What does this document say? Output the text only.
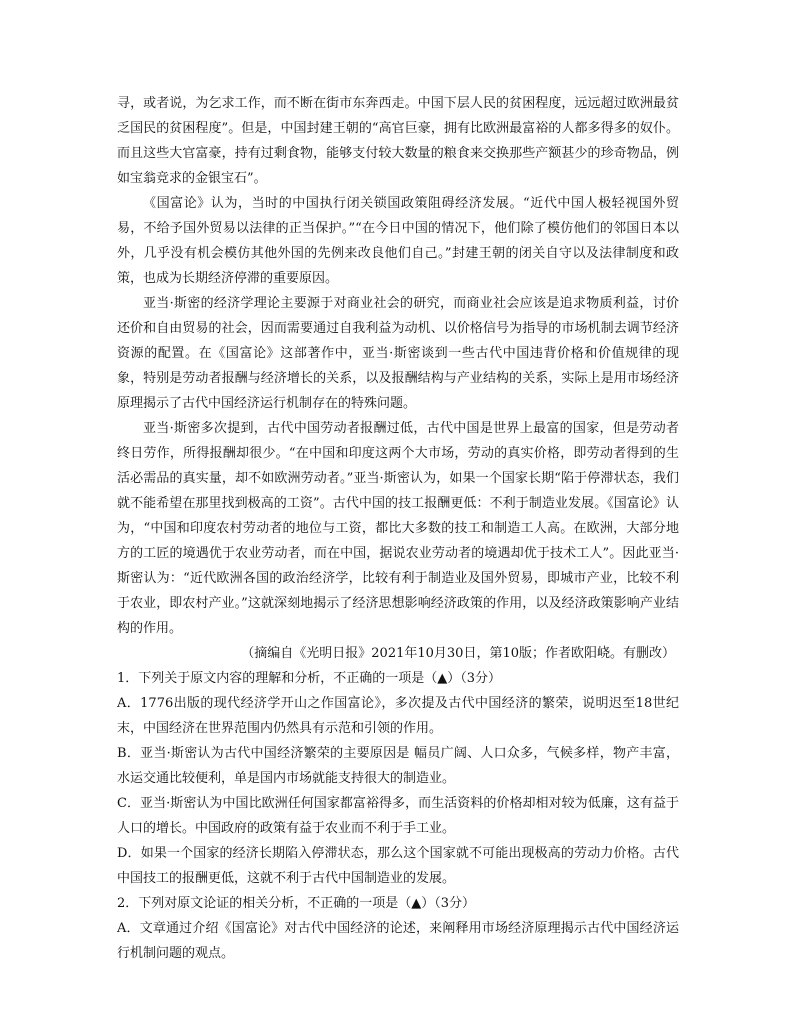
寻，或者说，为乞求工作，而不断在街市东奔西走。中国下层人民的贫困程度，远远超过欧洲最贫乏国民的贫困程度”。但是，中国封建王朝的“高官巨豪，拥有比欧洲最富裕的人都多得多的奴仆。而且这些大官富豪，持有过剩食物，能够支付较大数量的粮食来交换那些产额甚少的珍奇物品，例如宝翁竞求的金银宝石”。

《国富论》认为，当时的中国执行闭关锁国政策阻碍经济发展。“近代中国人极轻视国外贸易，不给予国外贸易以法律的正当保护。”“在今日中国的情况下，他们除了模仿他们的邻国日本以外，几乎没有机会模仿其他外国的先例来改良他们自己。”封建王朝的闭关自守以及法律制度和政策，也成为长期经济停滞的重要原因。

亚当·斯密的经济学理论主要源于对商业社会的研究，而商业社会应该是追求物质利益，讨价还价和自由贸易的社会，因而需要通过自我利益为动机、以价格信号为指导的市场机制去调节经济资源的配置。在《国富论》这部著作中，亚当·斯密谈到一些古代中国违背价格和价值规律的现象，特别是劳动者报酬与经济增长的关系，以及报酬结构与产业结构的关系，实际上是用市场经济原理揭示了古代中国经济运行机制存在的特殊问题。

亚当·斯密多次提到，古代中国劳动者报酬过低，古代中国是世界上最富的国家，但是劳动者终日劳作，所得报酬却很少。“在中国和印度这两个大市场，劳动的真实价格，即劳动者得到的生活必需品的真实量，却不如欧洲劳动者。”亚当·斯密认为，如果一个国家长期“陷于停滞状态，我们就不能希望在那里找到极高的工资”。古代中国的技工报酬更低：不利于制造业发展。《国富论》认为，“中国和印度农村劳动者的地位与工资，都比大多数的技工和制造工人高。在欧洲，大部分地方的工匠的境遇优于农业劳动者，而在中国，据说农业劳动者的境遇却优于技术工人”。因此亚当·斯密认为：“近代欧洲各国的政治经济学，比较有利于制造业及国外贸易，即城市产业，比较不利于农业，即农村产业。”这就深刻地揭示了经济思想影响经济政策的作用，以及经济政策影响产业结构的作用。

（摘编自《光明日报》2021年10月30日，第10版；作者欧阳峣。有删改）

1．下列关于原文内容的理解和分析，不正确的一项是（▲）（3分）

A．1776出版的现代经济学开山之作国富论》，多次提及古代中国经济的繁荣，说明迟至18世纪末，中国经济在世界范围内仍然具有示范和引领的作用。

B．亚当·斯密认为古代中国经济繁荣的主要原因是 幅员广阔、人口众多，气候多样，物产丰富，水运交通比较便利，单是国内市场就能支持很大的制造业。

C．亚当·斯密认为中国比欧洲任何国家都富裕得多，而生活资料的价格却相对较为低廉，这有益于人口的增长。中国政府的政策有益于农业而不利于手工业。

D．如果一个国家的经济长期陷入停滞状态，那么这个国家就不可能出现极高的劳动力价格。古代中国技工的报酬更低，这就不利于古代中国制造业的发展。

2．下列对原文论证的相关分析，不正确的一项是（▲）（3分）

A．文章通过介绍《国富论》对古代中国经济的论述，来阐释用市场经济原理揭示古代中国经济运行机制问题的观点。
